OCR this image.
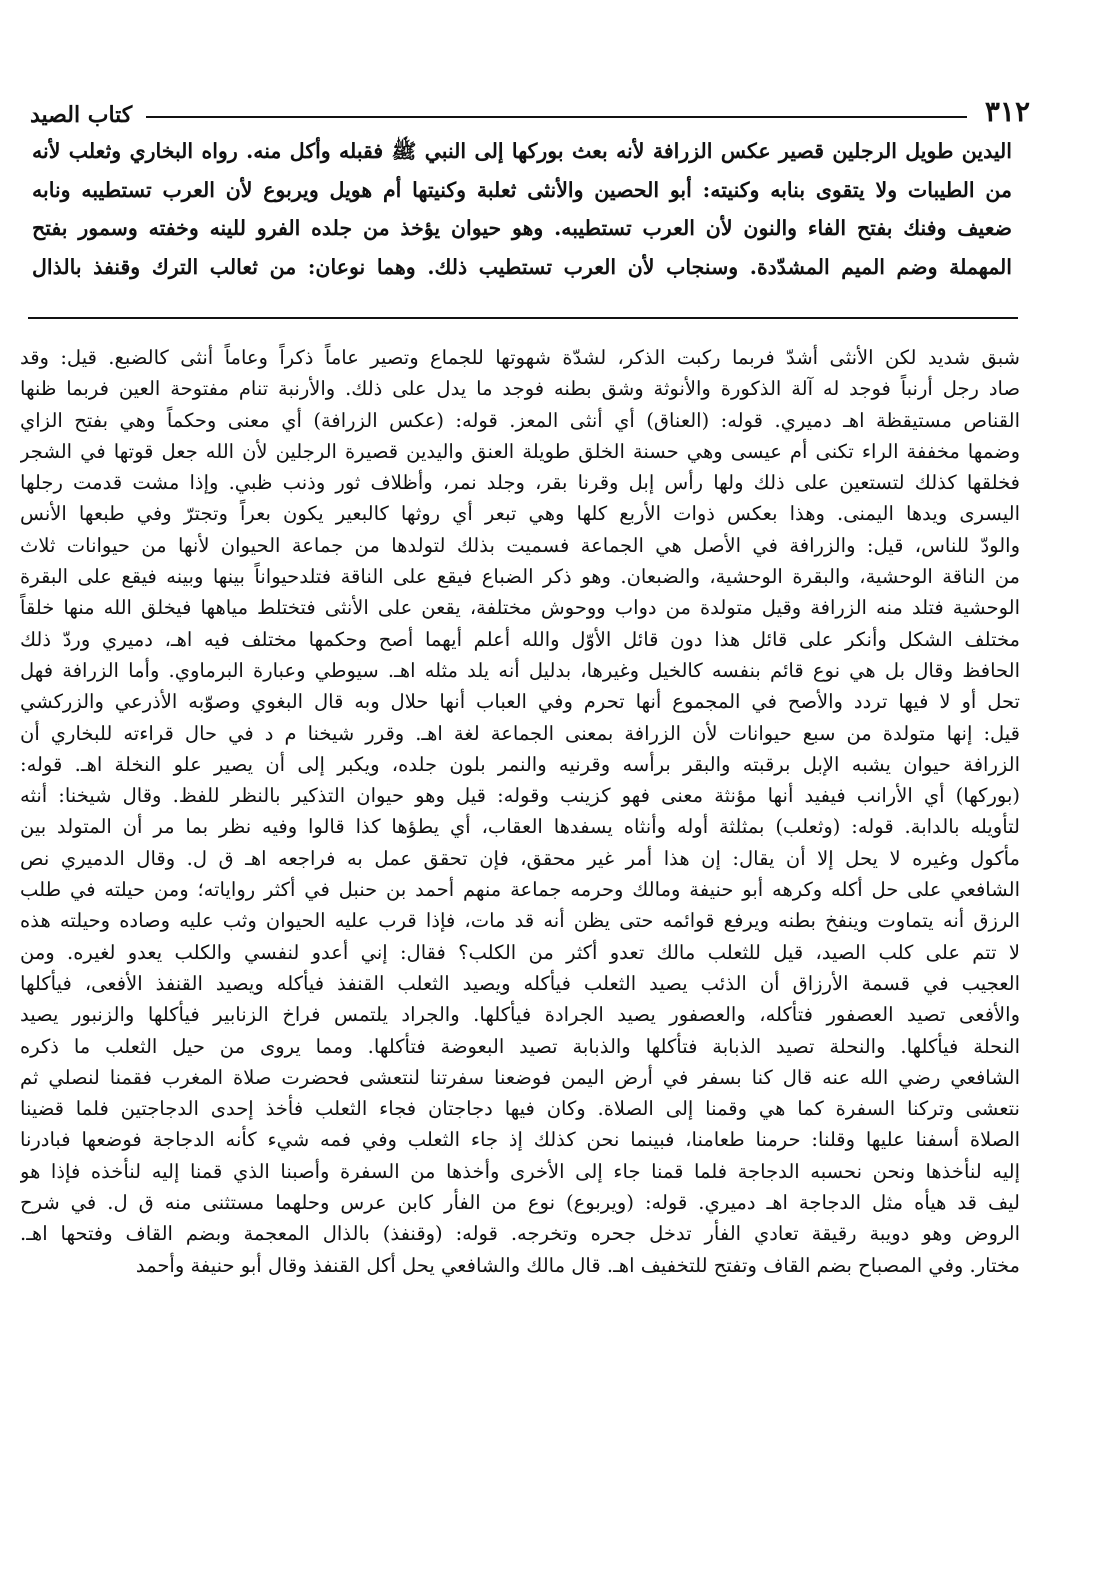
٣١٢
كتاب الصيد
اليدين طويل الرجلين قصير عكس الزرافة لأنه بعث بوركها إلى النبي ﷺ فقبله وأكل منه. رواه البخاري وثعلب لأنه
من الطيبات ولا يتقوى بنابه وكنيته: أبو الحصين والأنثى ثعلبة وكنيتها أم هويل ويربوع لأن العرب تستطيبه ونابه
ضعيف وفنك بفتح الفاء والنون لأن العرب تستطيبه. وهو حيوان يؤخذ من جلده الفرو للينه وخفته وسمور بفتح
المهملة وضم الميم المشدّدة. وسنجاب لأن العرب تستطيب ذلك. وهما نوعان: من ثعالب الترك وقنفذ بالذال
شبق شديد لكن الأنثى أشدّ فربما ركبت الذكر، لشدّة شهوتها للجماع وتصير عاماً ذكراً وعاماً أنثى كالضبع. قيل: وقد
صاد رجل أرنباً فوجد له آلة الذكورة والأنوثة وشق بطنه فوجد ما يدل على ذلك. والأرنبة تنام مفتوحة العين فربما ظنها
القناص مستيقظة اهـ دميري. قوله: (العناق) أي أنثى المعز. قوله: (عكس الزرافة) أي معنى وحكماً وهي بفتح الزاي
وضمها مخففة الراء تكنى أم عيسى وهي حسنة الخلق طويلة العنق واليدين قصيرة الرجلين لأن الله جعل قوتها في الشجر
فخلقها كذلك لتستعين على ذلك ولها رأس إبل وقرنا بقر، وجلد نمر، وأظلاف ثور وذنب ظبي. وإذا مشت قدمت رجلها
اليسرى ويدها اليمنى. وهذا بعكس ذوات الأربع كلها وهي تبعر أي روثها كالبعير يكون بعراً وتجترّ وفي طبعها الأنس
والودّ للناس، قيل: والزرافة في الأصل هي الجماعة فسميت بذلك لتولدها من جماعة الحيوان لأنها من حيوانات ثلاث
من الناقة الوحشية، والبقرة الوحشية، والضبعان. وهو ذكر الضباع فيقع على الناقة فتلدحيواناً بينها وبينه فيقع على البقرة
الوحشية فتلد منه الزرافة وقيل متولدة من دواب ووحوش مختلفة، يقعن على الأنثى فتختلط مياهها فيخلق الله منها خلقاً
مختلف الشكل وأنكر على قائل هذا دون قائل الأوّل والله أعلم أيهما أصح وحكمها مختلف فيه اهـ، دميري وردّ ذلك
الحافظ وقال بل هي نوع قائم بنفسه كالخيل وغيرها، بدليل أنه يلد مثله اهـ. سيوطي وعبارة البرماوي. وأما الزرافة فهل
تحل أو لا فيها تردد والأصح في المجموع أنها تحرم وفي العباب أنها حلال وبه قال البغوي وصوّبه الأذرعي والزركشي
قيل: إنها متولدة من سبع حيوانات لأن الزرافة بمعنى الجماعة لغة اهـ. وقرر شيخنا م د في حال قراءته للبخاري أن
الزرافة حيوان يشبه الإبل برقبته والبقر برأسه وقرنيه والنمر بلون جلده، ويكبر إلى أن يصير علو النخلة اهـ. قوله:
(بوركها) أي الأرانب فيفيد أنها مؤنثة معنى فهو كزينب وقوله: قيل وهو حيوان التذكير بالنظر للفظ. وقال شيخنا: أنثه
لتأويله بالدابة. قوله: (وثعلب) بمثلثة أوله وأنثاه يسفدها العقاب، أي يطؤها كذا قالوا وفيه نظر بما مر أن المتولد بين
مأكول وغيره لا يحل إلا أن يقال: إن هذا أمر غير محقق، فإن تحقق عمل به فراجعه اهـ ق ل. وقال الدميري نص
الشافعي على حل أكله وكرهه أبو حنيفة ومالك وحرمه جماعة منهم أحمد بن حنبل في أكثر رواياته؛ ومن حيلته في طلب
الرزق أنه يتماوت وينفخ بطنه ويرفع قوائمه حتى يظن أنه قد مات، فإذا قرب عليه الحيوان وثب عليه وصاده وحيلته هذه
لا تتم على كلب الصيد، قيل للثعلب مالك تعدو أكثر من الكلب؟ فقال: إني أعدو لنفسي والكلب يعدو لغيره. ومن
العجيب في قسمة الأرزاق أن الذئب يصيد الثعلب فيأكله ويصيد الثعلب القنفذ فيأكله ويصيد القنفذ الأفعى، فيأكلها
والأفعى تصيد العصفور فتأكله، والعصفور يصيد الجرادة فيأكلها. والجراد يلتمس فراخ الزنابير فيأكلها والزنبور يصيد
النحلة فيأكلها. والنحلة تصيد الذبابة فتأكلها والذبابة تصيد البعوضة فتأكلها. ومما يروى من حيل الثعلب ما ذكره
الشافعي رضي الله عنه قال كنا بسفر في أرض اليمن فوضعنا سفرتنا لنتعشى فحضرت صلاة المغرب فقمنا لنصلي ثم
نتعشى وتركنا السفرة كما هي وقمنا إلى الصلاة. وكان فيها دجاجتان فجاء الثعلب فأخذ إحدى الدجاجتين فلما قضينا
الصلاة أسفنا عليها وقلنا: حرمنا طعامنا، فبينما نحن كذلك إذ جاء الثعلب وفي فمه شيء كأنه الدجاجة فوضعها فبادرنا
إليه لنأخذها ونحن نحسبه الدجاجة فلما قمنا جاء إلى الأخرى وأخذها من السفرة وأصبنا الذي قمنا إليه لنأخذه فإذا هو
ليف قد هيأه مثل الدجاجة اهـ دميري. قوله: (ويربوع) نوع من الفأر كابن عرس وحلهما مستثنى منه ق ل. في شرح
الروض وهو دويبة رقيقة تعادي الفأر تدخل جحره وتخرجه. قوله: (وقنفذ) بالذال المعجمة وبضم القاف وفتحها اهـ.
مختار. وفي المصباح بضم القاف وتفتح للتخفيف اهـ. قال مالك والشافعي يحل أكل القنفذ وقال أبو حنيفة وأحمد
